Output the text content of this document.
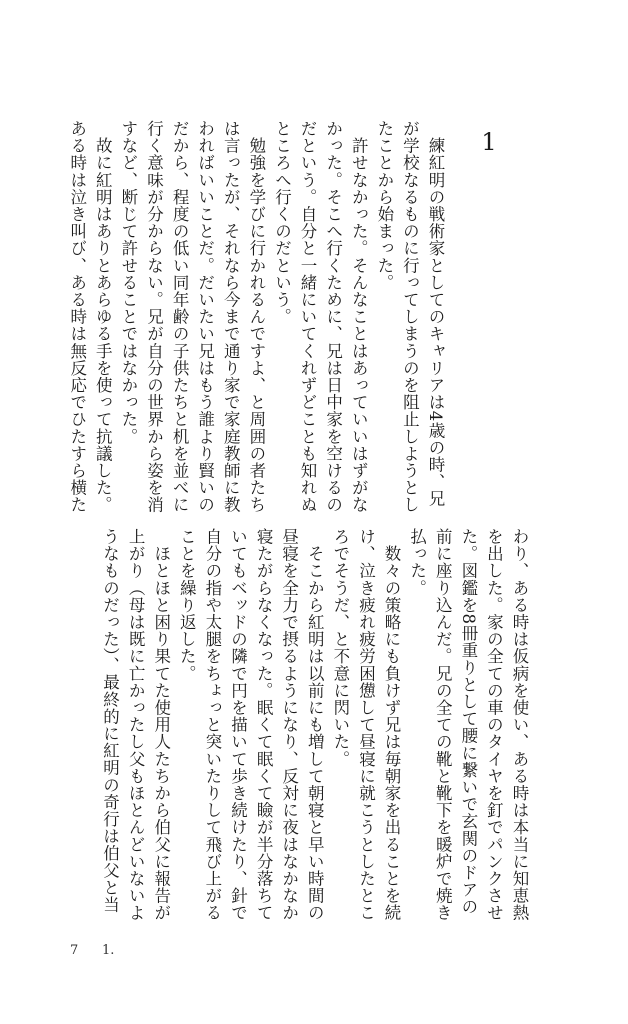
1
　練紅明の戦術家としてのキャリアは4歳の時、兄
が学校なるものに行ってしまうのを阻止しようとし
たことから始まった。
　許せなかった。そんなことはあっていいはずがな
かった。そこへ行くために、兄は日中家を空けるの
だという。自分と一緒にいてくれずどことも知れぬ
ところへ行くのだという。
　勉強を学びに行かれるんですよ、と周囲の者たち
は言ったが、それなら今まで通り家で家庭教師に教
わればいいことだ。だいたい兄はもう誰より賢いの
だから、程度の低い同年齢の子供たちと机を並べに
行く意味が分からない。兄が自分の世界から姿を消
すなど、断じて許せることではなかった。
　故に紅明はありとあらゆる手を使って抗議した。
ある時は泣き叫び、ある時は無反応でひたすら横た
わり、ある時は仮病を使い、ある時は本当に知恵熱
を出した。家の全ての車のタイヤを釘でパンクさせ
た。図鑑を8冊重りとして腰に繋いで玄関のドアの
前に座り込んだ。兄の全ての靴と靴下を暖炉で焼き
払った。
　数々の策略にも負けず兄は毎朝家を出ることを続
け、泣き疲れ疲労困憊して昼寝に就こうとしたとこ
ろでそうだ、と不意に閃いた。
　そこから紅明は以前にも増して朝寝と早い時間の
昼寝を全力で摂るようになり、反対に夜はなかなか
寝たがらなくなった。眠くて眠くて瞼が半分落ちて
いてもベッドの隣で円を描いて歩き続けたり、針で
自分の指や太腿をちょっと突いたりして飛び上がる
ことを繰り返した。
　ほとほと困り果てた使用人たちから伯父に報告が
上がり（母は既に亡かったし父もほとんどいないよ
うなものだった）、最終的に紅明の奇行は伯父と当
7 1.
